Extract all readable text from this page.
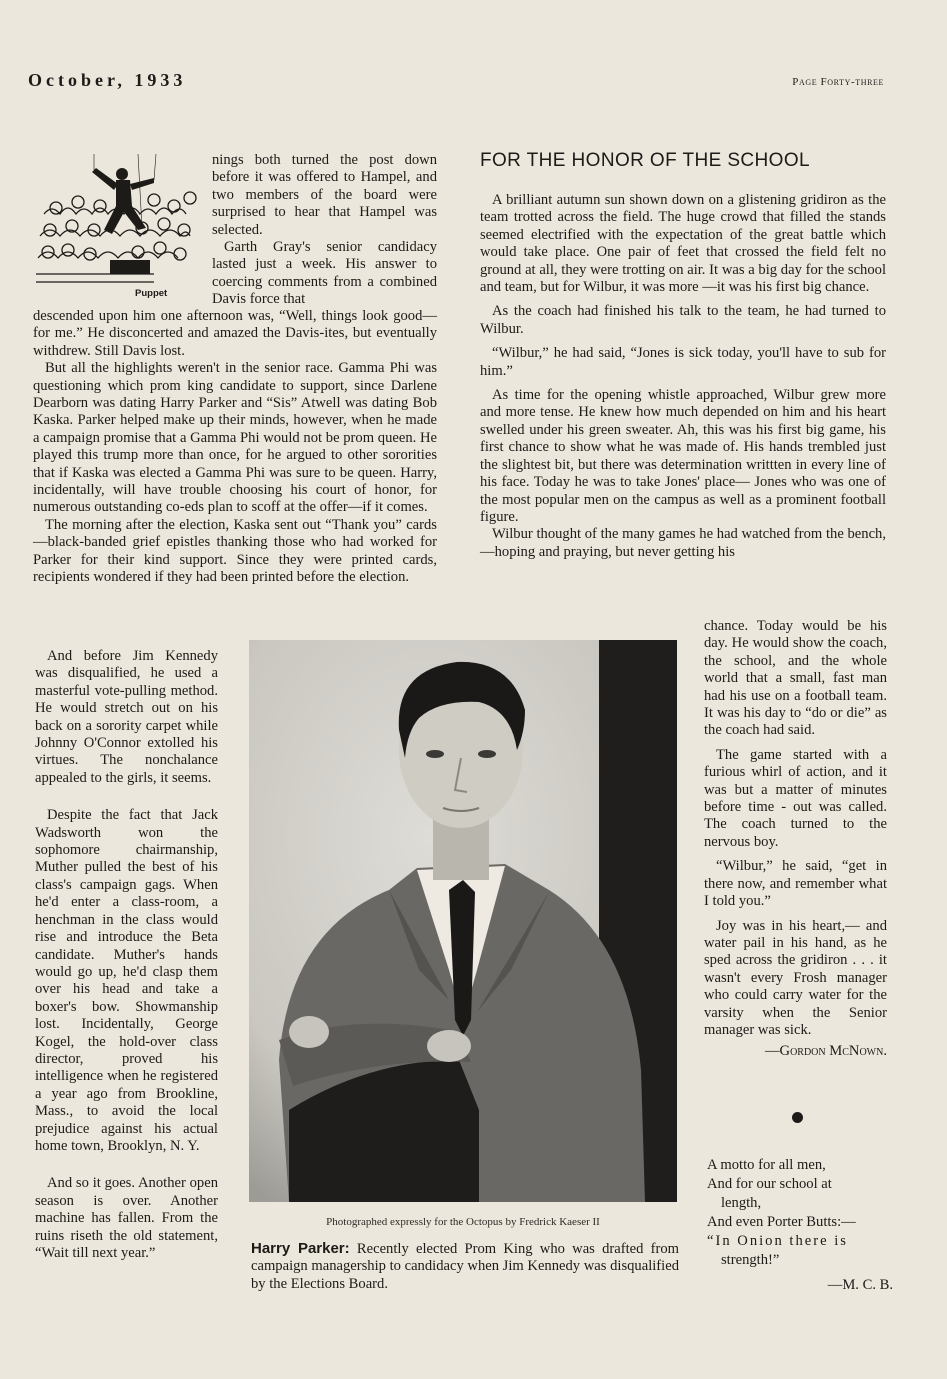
October, 1933	Page Forty-three
Puppet

nings both turned the post down before it was offered to Hampel, and two members of the board were surprised to hear that Hampel was selected.

Garth Gray's senior candidacy lasted just a week. His answer to coercing comments from a combined Davis force that

descended upon him one afternoon was, “Well, things look good—for me.” He disconcerted and amazed the Davis-ites, but eventually withdrew. Still Davis lost.

But all the highlights weren't in the senior race. Gamma Phi was questioning which prom king candidate to support, since Darlene Dearborn was dating Harry Parker and “Sis” Atwell was dating Bob Kaska. Parker helped make up their minds, however, when he made a campaign promise that a Gamma Phi would not be prom queen. He played this trump more than once, for he argued to other sororities that if Kaska was elected a Gamma Phi was sure to be queen. Harry, incidentally, will have trouble choosing his court of honor, for numerous outstanding co-eds plan to scoff at the offer—if it comes.

The morning after the election, Kaska sent out “Thank you” cards—black-banded grief epistles thanking those who had worked for Parker for their kind support. Since they were printed cards, recipients wondered if they had been printed before the election.

And before Jim Kennedy was disqualified, he used a masterful vote-pulling method. He would stretch out on his back on a sorority carpet while Johnny O'Connor extolled his virtues. The nonchalance appealed to the girls, it seems.

Despite the fact that Jack Wadsworth won the sophomore chairmanship, Muther pulled the best of his class's campaign gags. When he'd enter a class-room, a henchman in the class would rise and introduce the Beta candidate. Muther's hands would go up, he'd clasp them over his head and take a boxer's bow. Showmanship lost. Incidentally, George Kogel, the hold-over class director, proved his intelligence when he registered a year ago from Brookline, Mass., to avoid the local prejudice against his actual home town, Brooklyn, N. Y.

And so it goes. Another open season is over. Another machine has fallen. From the ruins riseth the old statement, “Wait till next year.”

FOR THE HONOR OF THE SCHOOL

A brilliant autumn sun shown down on a glistening gridiron as the team trotted across the field. The huge crowd that filled the stands seemed electrified with the expectation of the great battle which would take place. One pair of feet that crossed the field felt no ground at all, they were trotting on air. It was a big day for the school and team, but for Wilbur, it was more —it was his first big chance.

As the coach had finished his talk to the team, he had turned to Wilbur.

“Wilbur,” he had said, “Jones is sick today, you'll have to sub for him.”

As time for the opening whistle approached, Wilbur grew more and more tense. He knew how much depended on him and his heart swelled under his green sweater. Ah, this was his first big game, his first chance to show what he was made of. His hands trembled just the slightest bit, but there was determination writtten in every line of his face. Today he was to take Jones' place— Jones who was one of the most popular men on the campus as well as a prominent football figure.

Wilbur thought of the many games he had watched from the bench, —hoping and praying, but never getting his

chance. Today would be his day. He would show the coach, the school, and the whole world that a small, fast man had his use on a football team. It was his day to “do or die” as the coach had said.

The game started with a furious whirl of action, and it was but a matter of minutes before time - out was called. The coach turned to the nervous boy.

“Wilbur,” he said, “get in there now, and remember what I told you.”

Joy was in his heart,— and water pail in his hand, as he sped across the gridiron . . . it wasn't every Frosh manager who could carry water for the varsity when the Senior manager was sick.

—Gordon McNown.

Photographed expressly for the Octopus by Fredrick Kaeser II
Harry Parker: Recently elected Prom King who was drafted from campaign managership to candidacy when Jim Kennedy was disqualified by the Elections Board.
A motto for all men,
And for our school at
length,
And even Porter Butts:—
“In Onion there is
strength!”
—M. C. B.
